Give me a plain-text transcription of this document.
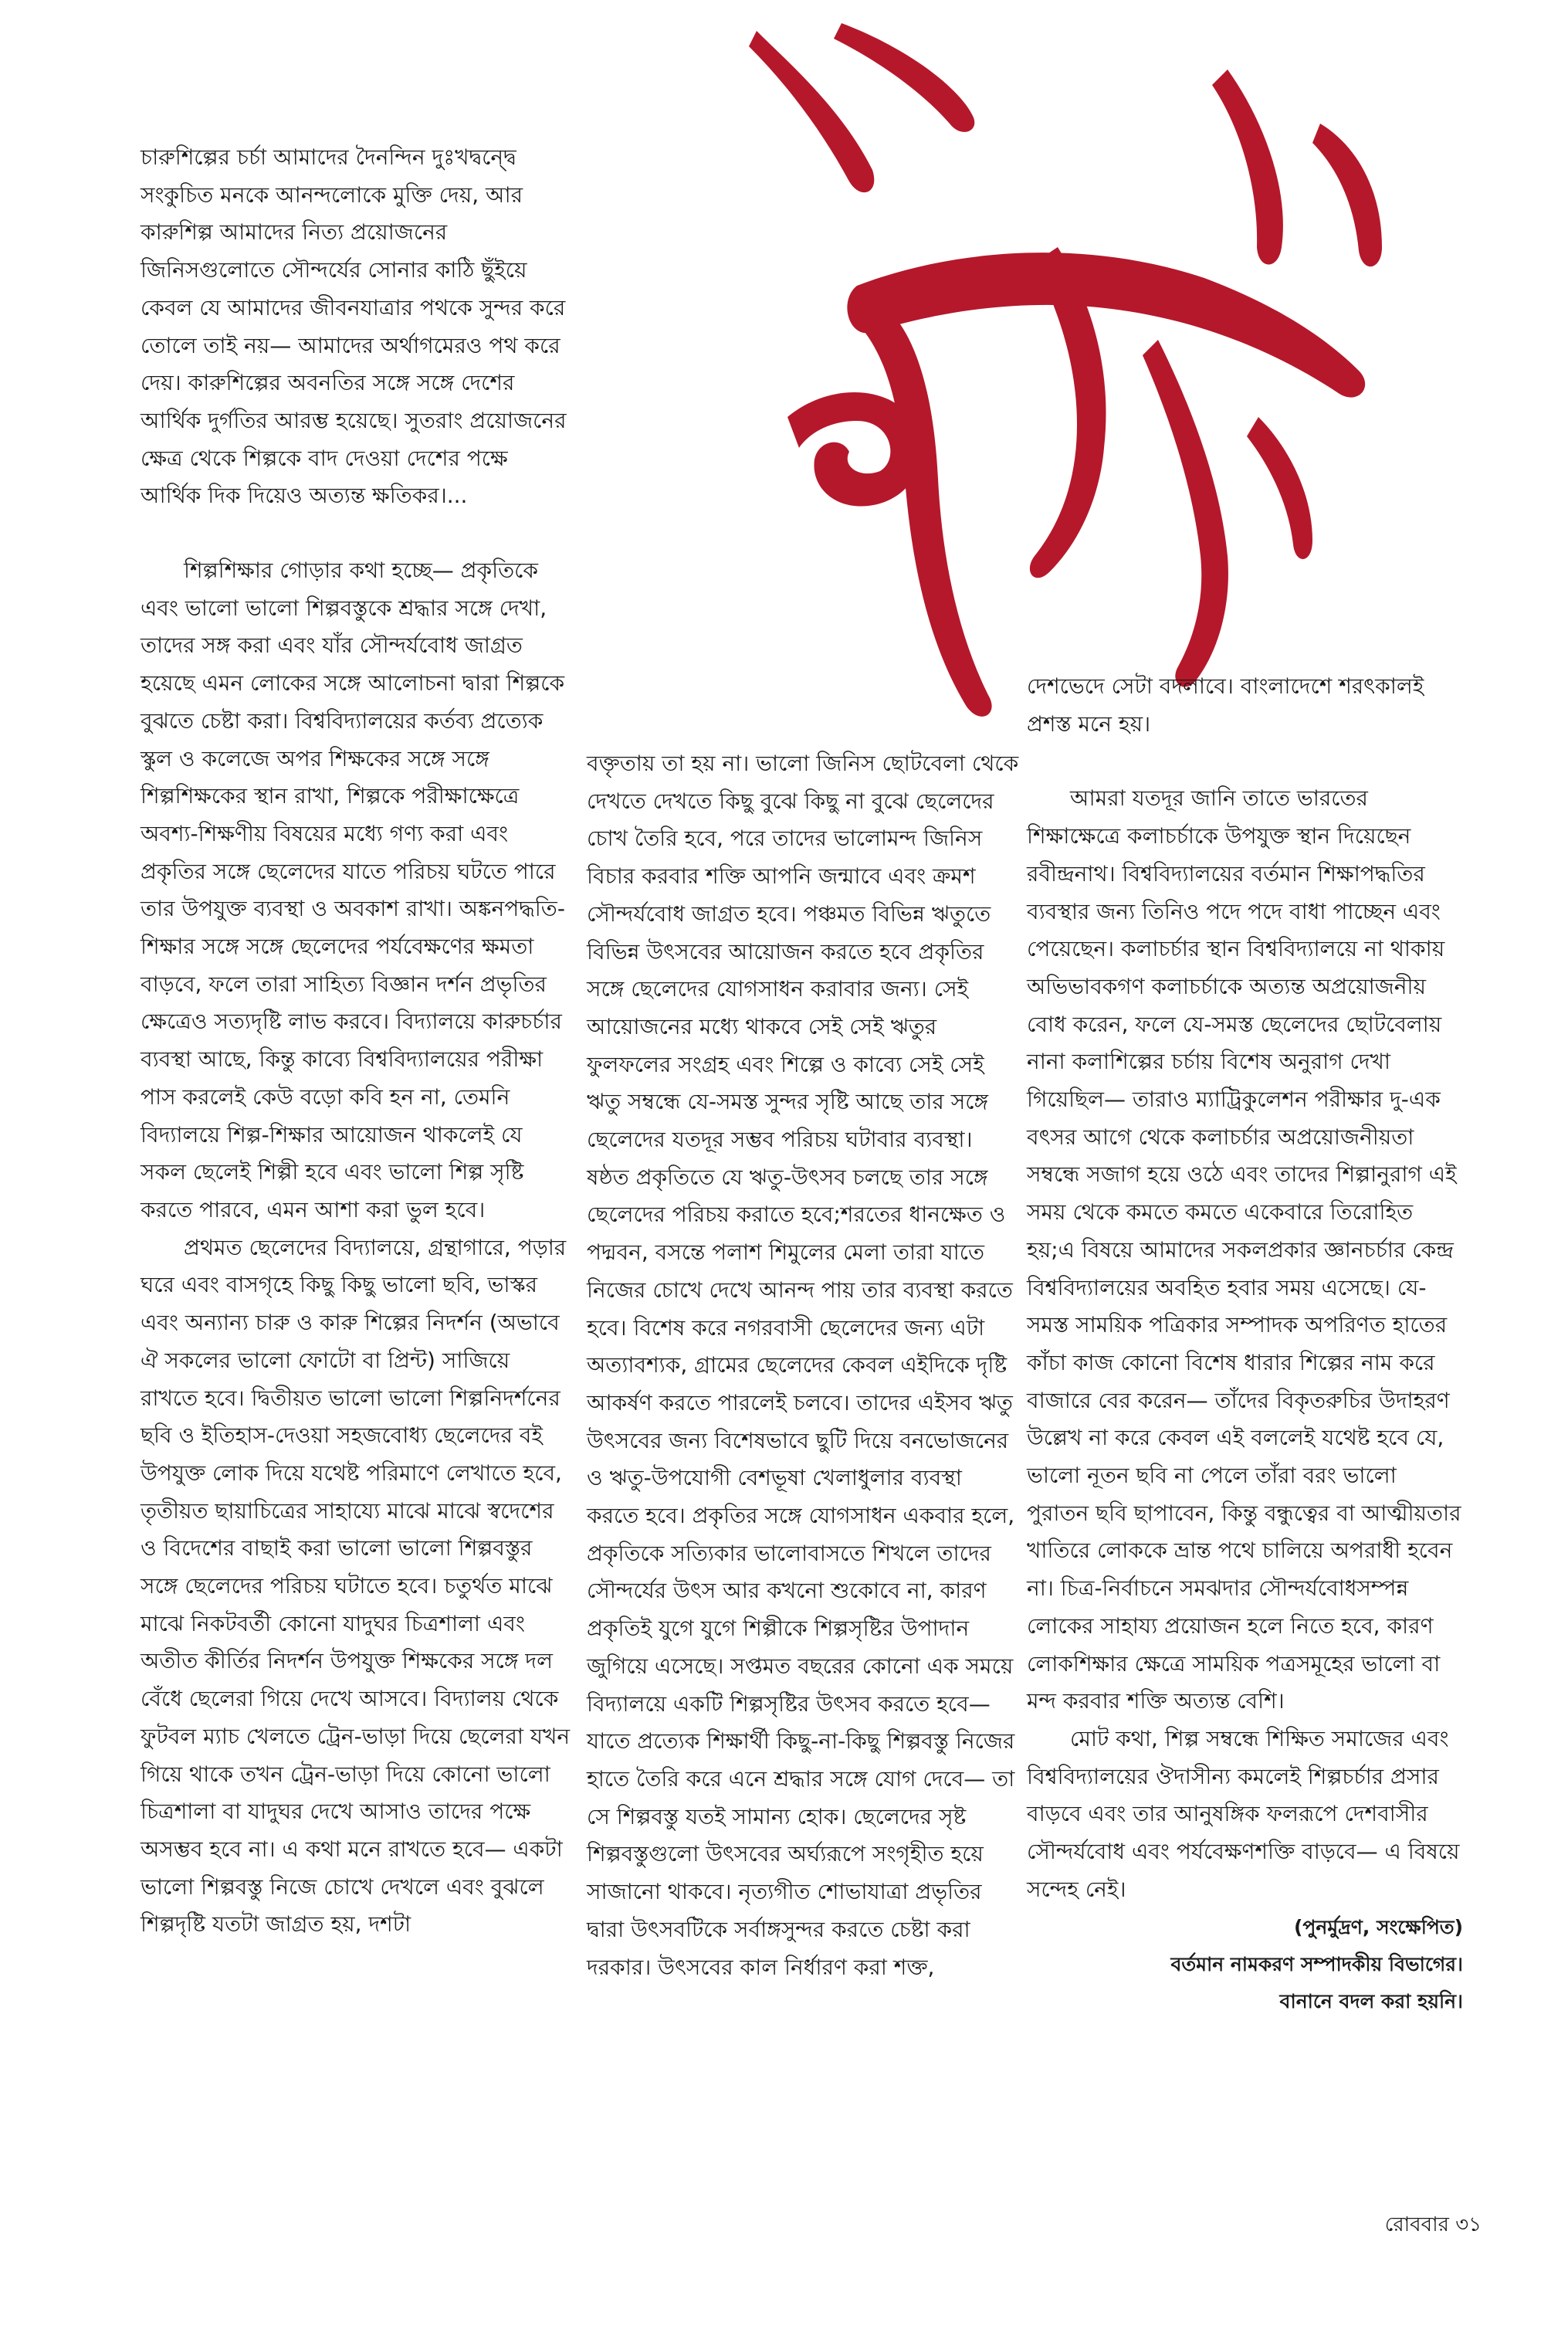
চারুশিল্পের চর্চা আমাদের দৈনন্দিন দুঃখদ্বন্দ্বে সংকুচিত মনকে আনন্দলোকে মুক্তি দেয়, আর কারুশিল্প আমাদের নিত্য প্রয়োজনের জিনিসগুলোতে সৌন্দর্যের সোনার কাঠি ছুঁইয়ে কেবল যে আমাদের জীবনযাত্রার পথকে সুন্দর করে তোলে তাই নয়— আমাদের অর্থাগমেরও পথ করে দেয়। কারুশিল্পের অবনতির সঙ্গে সঙ্গে দেশের আর্থিক দুর্গতির আরম্ভ হয়েছে। সুতরাং প্রয়োজনের ক্ষেত্র থেকে শিল্পকে বাদ দেওয়া দেশের পক্ষে আর্থিক দিক দিয়েও অত্যন্ত ক্ষতিকর।...

শিল্পশিক্ষার গোড়ার কথা হচ্ছে— প্রকৃতিকে এবং ভালো ভালো শিল্পবস্তুকে শ্রদ্ধার সঙ্গে দেখা, তাদের সঙ্গ করা এবং যাঁর সৌন্দর্যবোধ জাগ্রত হয়েছে এমন লোকের সঙ্গে আলোচনা দ্বারা শিল্পকে বুঝতে চেষ্টা করা। বিশ্ববিদ্যালয়ের কর্তব্য প্রত্যেক স্কুল ও কলেজে অপর শিক্ষকের সঙ্গে সঙ্গে শিল্পশিক্ষকের স্থান রাখা, শিল্পকে পরীক্ষাক্ষেত্রে অবশ্য-শিক্ষণীয় বিষয়ের মধ্যে গণ্য করা এবং প্রকৃতির সঙ্গে ছেলেদের যাতে পরিচয় ঘটতে পারে তার উপযুক্ত ব্যবস্থা ও অবকাশ রাখা। অঙ্কনপদ্ধতি-শিক্ষার সঙ্গে সঙ্গে ছেলেদের পর্যবেক্ষণের ক্ষমতা বাড়বে, ফলে তারা সাহিত্য বিজ্ঞান দর্শন প্রভৃতির ক্ষেত্রেও সত্যদৃষ্টি লাভ করবে। বিদ্যালয়ে কারুচর্চার ব্যবস্থা আছে, কিন্তু কাব্যে বিশ্ববিদ্যালয়ের পরীক্ষা পাস করলেই কেউ বড়ো কবি হন না, তেমনি বিদ্যালয়ে শিল্প-শিক্ষার আয়োজন থাকলেই যে সকল ছেলেই শিল্পী হবে এবং ভালো শিল্প সৃষ্টি করতে পারবে, এমন আশা করা ভুল হবে।

প্রথমত ছেলেদের বিদ্যালয়ে, গ্রন্থাগারে, পড়ার ঘরে এবং বাসগৃহে কিছু কিছু ভালো ছবি, ভাস্কর এবং অন্যান্য চারু ও কারু শিল্পের নিদর্শন (অভাবে ঐ সকলের ভালো ফোটো বা প্রিন্ট) সাজিয়ে রাখতে হবে। দ্বিতীয়ত ভালো ভালো শিল্পনিদর্শনের ছবি ও ইতিহাস-দেওয়া সহজবোধ্য ছেলেদের বই উপযুক্ত লোক দিয়ে যথেষ্ট পরিমাণে লেখাতে হবে, তৃতীয়ত ছায়াচিত্রের সাহায্যে মাঝে মাঝে স্বদেশের ও বিদেশের বাছাই করা ভালো ভালো শিল্পবস্তুর সঙ্গে ছেলেদের পরিচয় ঘটাতে হবে। চতুর্থত মাঝে মাঝে নিকটবর্তী কোনো যাদুঘর চিত্রশালা এবং অতীত কীর্তির নিদর্শন উপযুক্ত শিক্ষকের সঙ্গে দল বেঁধে ছেলেরা গিয়ে দেখে আসবে। বিদ্যালয় থেকে ফুটবল ম্যাচ খেলতে ট্রেন-ভাড়া দিয়ে ছেলেরা যখন গিয়ে থাকে তখন ট্রেন-ভাড়া দিয়ে কোনো ভালো চিত্রশালা বা যাদুঘর দেখে আসাও তাদের পক্ষে অসম্ভব হবে না। এ কথা মনে রাখতে হবে— একটা ভালো শিল্পবস্তু নিজে চোখে দেখলে এবং বুঝলে শিল্পদৃষ্টি যতটা জাগ্রত হয়, দশটা

বক্তৃতায় তা হয় না। ভালো জিনিস ছোটবেলা থেকে দেখতে দেখতে কিছু বুঝে কিছু না বুঝে ছেলেদের চোখ তৈরি হবে, পরে তাদের ভালোমন্দ জিনিস বিচার করবার শক্তি আপনি জন্মাবে এবং ক্রমশ সৌন্দর্যবোধ জাগ্রত হবে। পঞ্চমত বিভিন্ন ঋতুতে বিভিন্ন উৎসবের আয়োজন করতে হবে প্রকৃতির সঙ্গে ছেলেদের যোগসাধন করাবার জন্য। সেই আয়োজনের মধ্যে থাকবে সেই সেই ঋতুর ফুলফলের সংগ্রহ এবং শিল্পে ও কাব্যে সেই সেই ঋতু সম্বন্ধে যে-সমস্ত সুন্দর সৃষ্টি আছে তার সঙ্গে ছেলেদের যতদূর সম্ভব পরিচয় ঘটাবার ব্যবস্থা। ষষ্ঠত প্রকৃতিতে যে ঋতু-উৎসব চলছে তার সঙ্গে ছেলেদের পরিচয় করাতে হবে;শরতের ধানক্ষেত ও পদ্মবন, বসন্তে পলাশ শিমুলের মেলা তারা যাতে নিজের চোখে দেখে আনন্দ পায় তার ব্যবস্থা করতে হবে। বিশেষ করে নগরবাসী ছেলেদের জন্য এটা অত্যাবশ্যক, গ্রামের ছেলেদের কেবল এইদিকে দৃষ্টি আকর্ষণ করতে পারলেই চলবে। তাদের এইসব ঋতু উৎসবের জন্য বিশেষভাবে ছুটি দিয়ে বনভোজনের ও ঋতু-উপযোগী বেশভূষা খেলাধুলার ব্যবস্থা করতে হবে। প্রকৃতির সঙ্গে যোগসাধন একবার হলে, প্রকৃতিকে সত্যিকার ভালোবাসতে শিখলে তাদের সৌন্দর্যের উৎস আর কখনো শুকোবে না, কারণ প্রকৃতিই যুগে যুগে শিল্পীকে শিল্পসৃষ্টির উপাদান জুগিয়ে এসেছে। সপ্তমত বছরের কোনো এক সময়ে বিদ্যালয়ে একটি শিল্পসৃষ্টির উৎসব করতে হবে— যাতে প্রত্যেক শিক্ষার্থী কিছু-না-কিছু শিল্পবস্তু নিজের হাতে তৈরি করে এনে শ্রদ্ধার সঙ্গে যোগ দেবে— তা সে শিল্পবস্তু যতই সামান্য হোক। ছেলেদের সৃষ্ট শিল্পবস্তুগুলো উৎসবের অর্ঘ্যরূপে সংগৃহীত হয়ে সাজানো থাকবে। নৃত্যগীত শোভাযাত্রা প্রভৃতির দ্বারা উৎসবটিকে সর্বাঙ্গসুন্দর করতে চেষ্টা করা দরকার। উৎসবের কাল নির্ধারণ করা শক্ত,

দেশভেদে সেটা বদলাবে। বাংলাদেশে শরৎকালই প্রশস্ত মনে হয়।

আমরা যতদূর জানি তাতে ভারতের শিক্ষাক্ষেত্রে কলাচর্চাকে উপযুক্ত স্থান দিয়েছেন রবীন্দ্রনাথ। বিশ্ববিদ্যালয়ের বর্তমান শিক্ষাপদ্ধতির ব্যবস্থার জন্য তিনিও পদে পদে বাধা পাচ্ছেন এবং পেয়েছেন। কলাচর্চার স্থান বিশ্ববিদ্যালয়ে না থাকায় অভিভাবকগণ কলাচর্চাকে অত্যন্ত অপ্রয়োজনীয় বোধ করেন, ফলে যে-সমস্ত ছেলেদের ছোটবেলায় নানা কলাশিল্পের চর্চায় বিশেষ অনুরাগ দেখা গিয়েছিল— তারাও ম্যাট্রিকুলেশন পরীক্ষার দু-এক বৎসর আগে থেকে কলাচর্চার অপ্রয়োজনীয়তা সম্বন্ধে সজাগ হয়ে ওঠে এবং তাদের শিল্পানুরাগ এই সময় থেকে কমতে কমতে একেবারে তিরোহিত হয়;এ বিষয়ে আমাদের সকলপ্রকার জ্ঞানচর্চার কেন্দ্র বিশ্ববিদ্যালয়ের অবহিত হবার সময় এসেছে। যে-সমস্ত সাময়িক পত্রিকার সম্পাদক অপরিণত হাতের কাঁচা কাজ কোনো বিশেষ ধারার শিল্পের নাম করে বাজারে বের করেন— তাঁদের বিকৃতরুচির উদাহরণ উল্লেখ না করে কেবল এই বললেই যথেষ্ট হবে যে, ভালো নূতন ছবি না পেলে তাঁরা বরং ভালো পুরাতন ছবি ছাপাবেন, কিন্তু বন্ধুত্বের বা আত্মীয়তার খাতিরে লোককে ভ্রান্ত পথে চালিয়ে অপরাধী হবেন না। চিত্র-নির্বাচনে সমঝদার সৌন্দর্যবোধসম্পন্ন লোকের সাহায্য প্রয়োজন হলে নিতে হবে, কারণ লোকশিক্ষার ক্ষেত্রে সাময়িক পত্রসমূহের ভালো বা মন্দ করবার শক্তি অত্যন্ত বেশি।

মোট কথা, শিল্প সম্বন্ধে শিক্ষিত সমাজের এবং বিশ্ববিদ্যালয়ের ঔদাসীন্য কমলেই শিল্পচর্চার প্রসার বাড়বে এবং তার আনুষঙ্গিক ফলরূপে দেশবাসীর সৌন্দর্যবোধ এবং পর্যবেক্ষণশক্তি বাড়বে— এ বিষয়ে সন্দেহ নেই।

(পুনর্মুদ্রণ, সংক্ষেপিত)

বর্তমান নামকরণ সম্পাদকীয় বিভাগের।

বানানে বদল করা হয়নি।

রোববার ৩১
